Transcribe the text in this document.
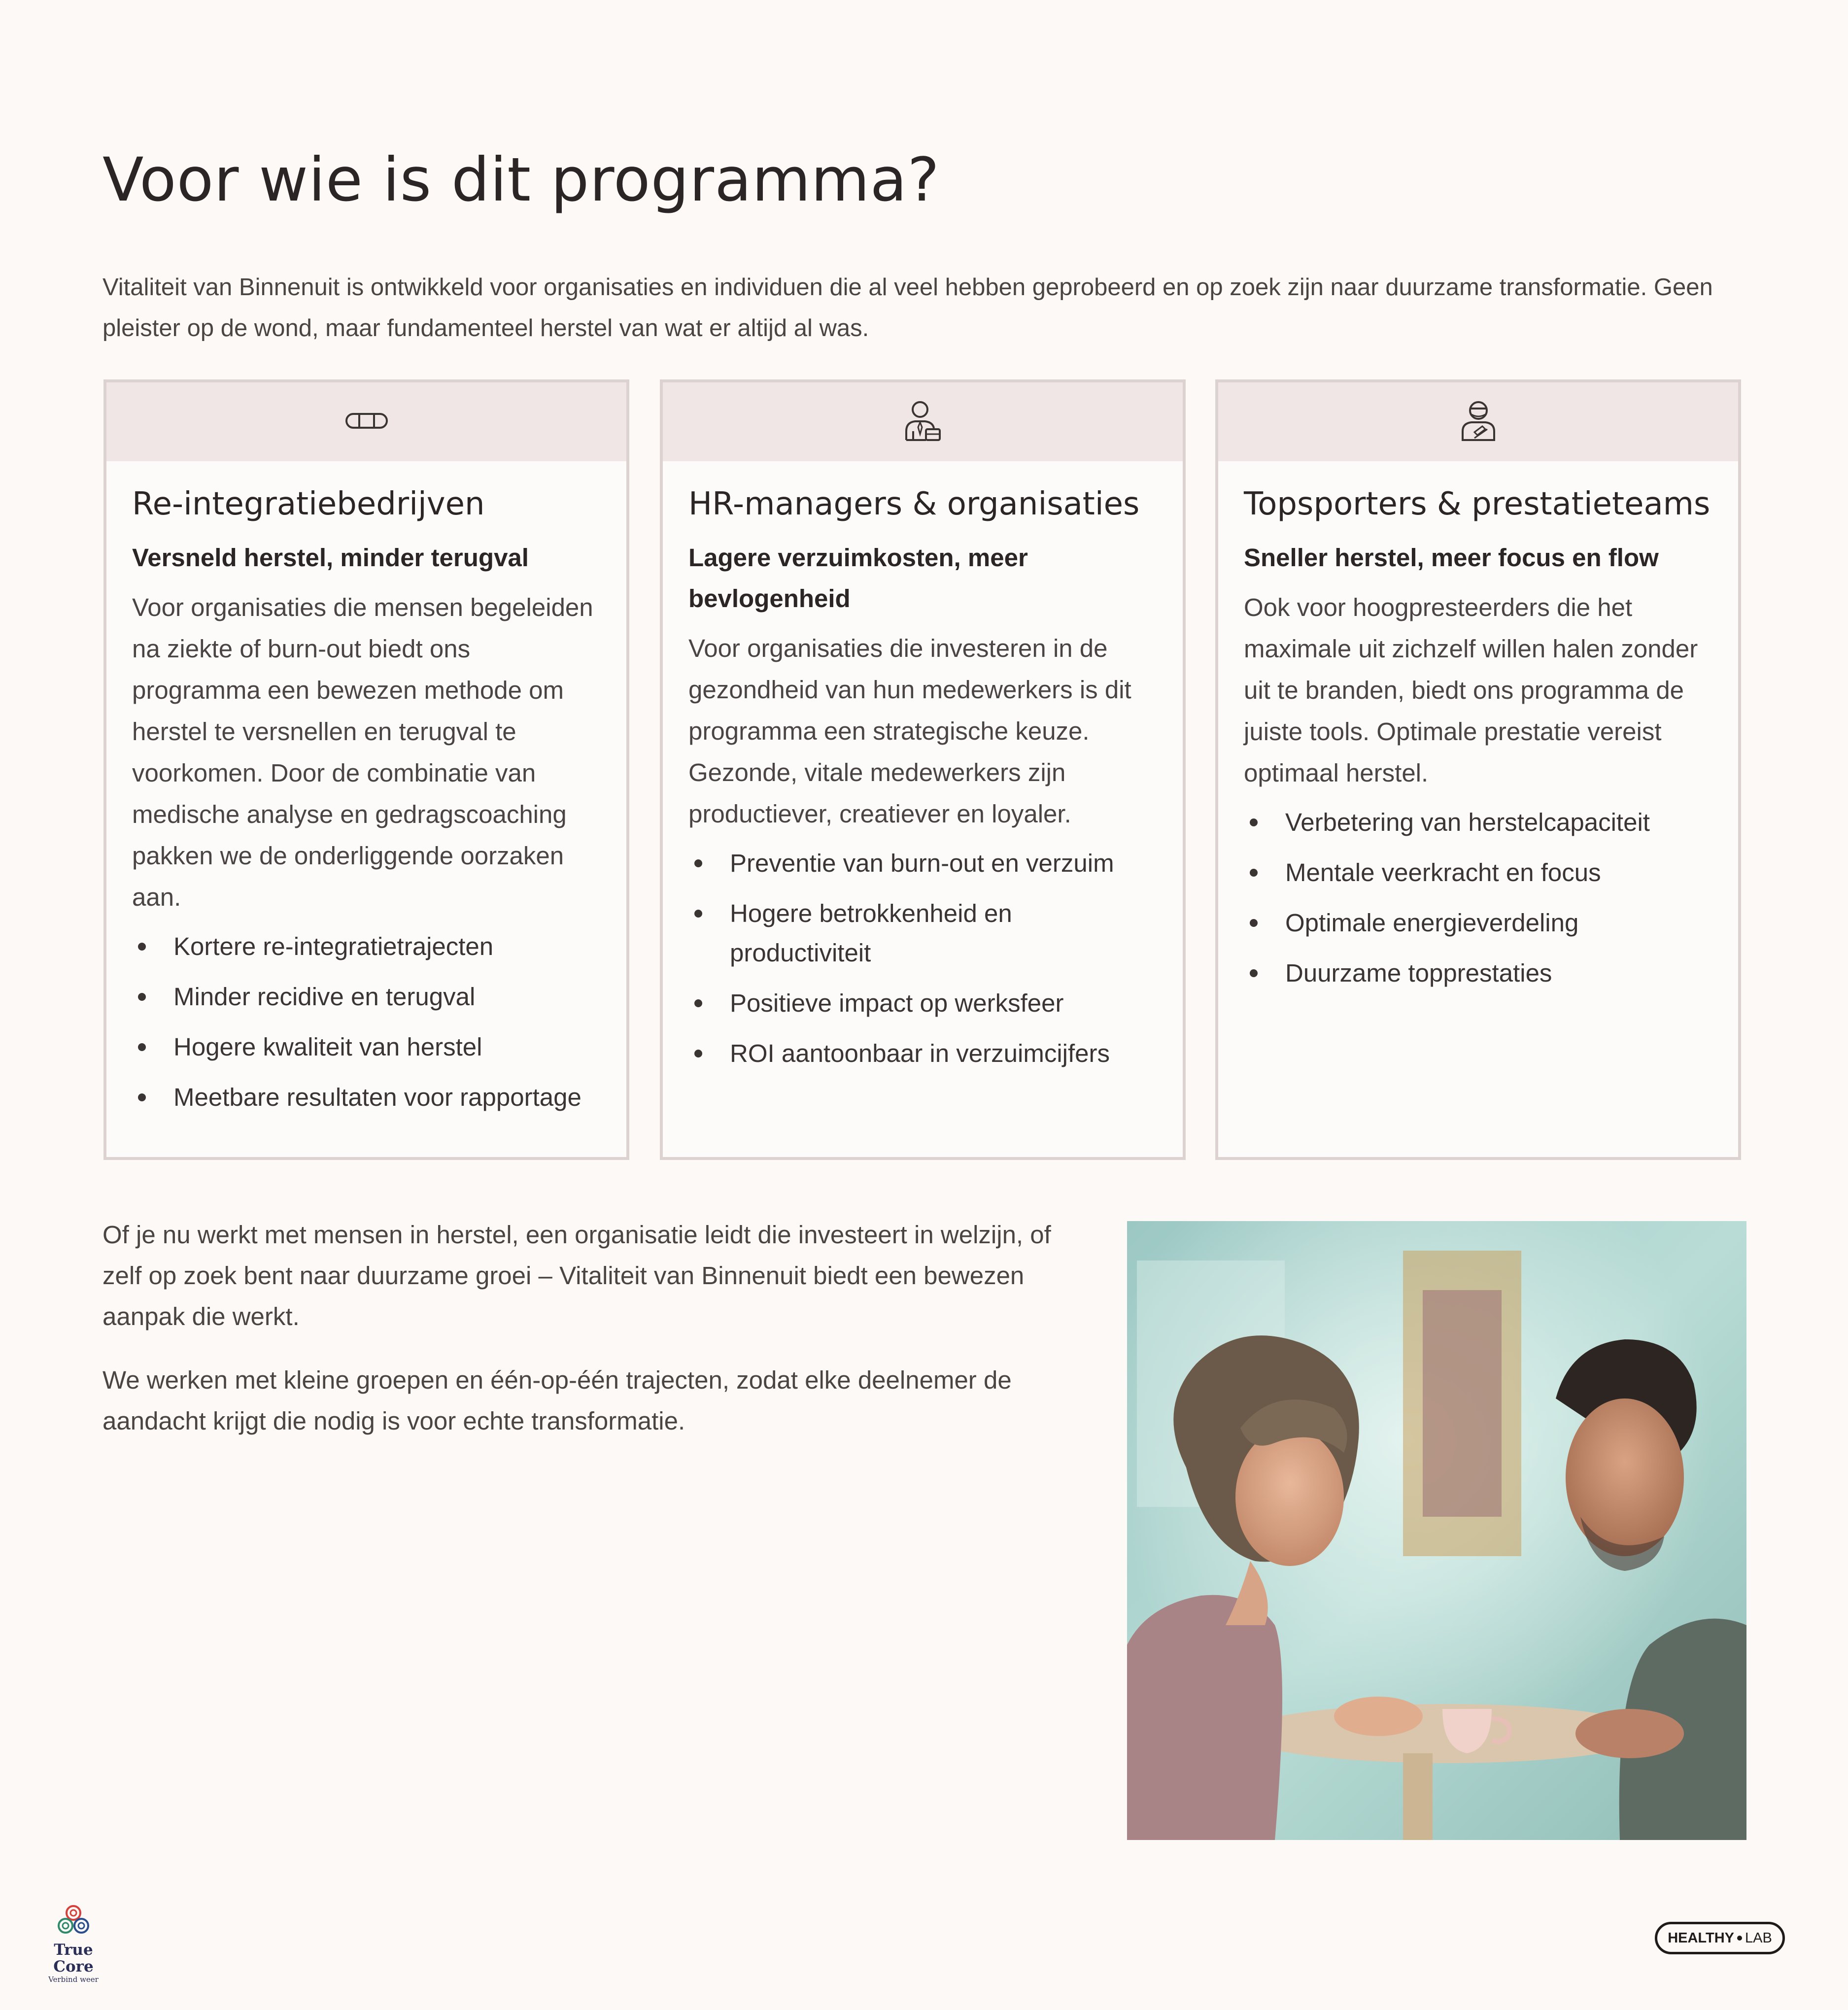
Voor wie is dit programma?

Vitaliteit van Binnenuit is ontwikkeld voor organisaties en individuen die al veel hebben geprobeerd en op zoek zijn naar duurzame transformatie. Geen pleister op de wond, maar fundamenteel herstel van wat er altijd al was.

Re-integratiebedrijven
Versneld herstel, minder terugval

Voor organisaties die mensen begeleiden na ziekte of burn-out biedt ons programma een bewezen methode om herstel te versnellen en terugval te voorkomen. Door de combinatie van medische analyse en gedragscoaching pakken we de onderliggende oorzaken aan.

Kortere re-integratietrajecten
Minder recidive en terugval
Hogere kwaliteit van herstel
Meetbare resultaten voor rapportage
HR-managers & organisaties
Lagere verzuimkosten, meer bevlogenheid

Voor organisaties die investeren in de gezondheid van hun medewerkers is dit programma een strategische keuze. Gezonde, vitale medewerkers zijn productiever, creatiever en loyaler.

Preventie van burn-out en verzuim
Hogere betrokkenheid en productiviteit
Positieve impact op werksfeer
ROI aantoonbaar in verzuimcijfers
Topsporters & prestatieteams
Sneller herstel, meer focus en flow

Ook voor hoogpresteerders die het maximale uit zichzelf willen halen zonder uit te branden, biedt ons programma de juiste tools. Optimale prestatie vereist optimaal herstel.

Verbetering van herstelcapaciteit
Mentale veerkracht en focus
Optimale energieverdeling
Duurzame topprestaties

Of je nu werkt met mensen in herstel, een organisatie leidt die investeert in welzijn, of zelf op zoek bent naar duurzame groei – Vitaliteit van Binnenuit biedt een bewezen aanpak die werkt.

We werken met kleine groepen en één-op-één trajecten, zodat elke deelnemer de aandacht krijgt die nodig is voor echte transformatie.

True Core
Verbind weer
HEALTHY LAB
